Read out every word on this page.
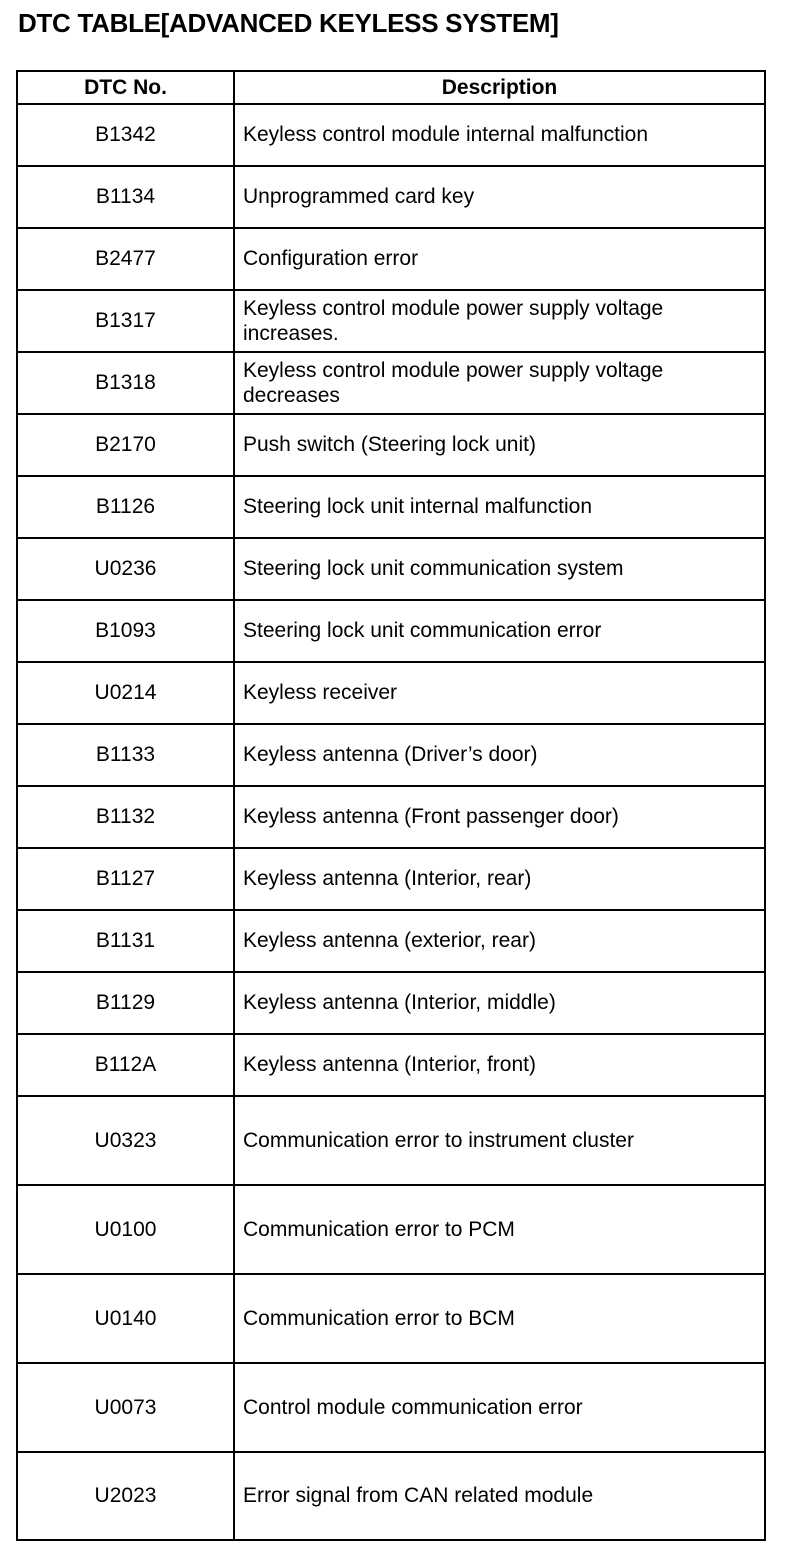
DTC TABLE[ADVANCED KEYLESS SYSTEM]
DTC No.	Description
B1342	Keyless control module internal malfunction
B1134	Unprogrammed card key
B2477	Configuration error
B1317	Keyless control module power supply voltage increases.
B1318	Keyless control module power supply voltage decreases
B2170	Push switch (Steering lock unit)
B1126	Steering lock unit internal malfunction
U0236	Steering lock unit communication system
B1093	Steering lock unit communication error
U0214	Keyless receiver
B1133	Keyless antenna (Driver’s door)
B1132	Keyless antenna (Front passenger door)
B1127	Keyless antenna (Interior, rear)
B1131	Keyless antenna (exterior, rear)
B1129	Keyless antenna (Interior, middle)
B112A	Keyless antenna (Interior, front)
U0323	Communication error to instrument cluster
U0100	Communication error to PCM
U0140	Communication error to BCM
U0073	Control module communication error
U2023	Error signal from CAN related module
